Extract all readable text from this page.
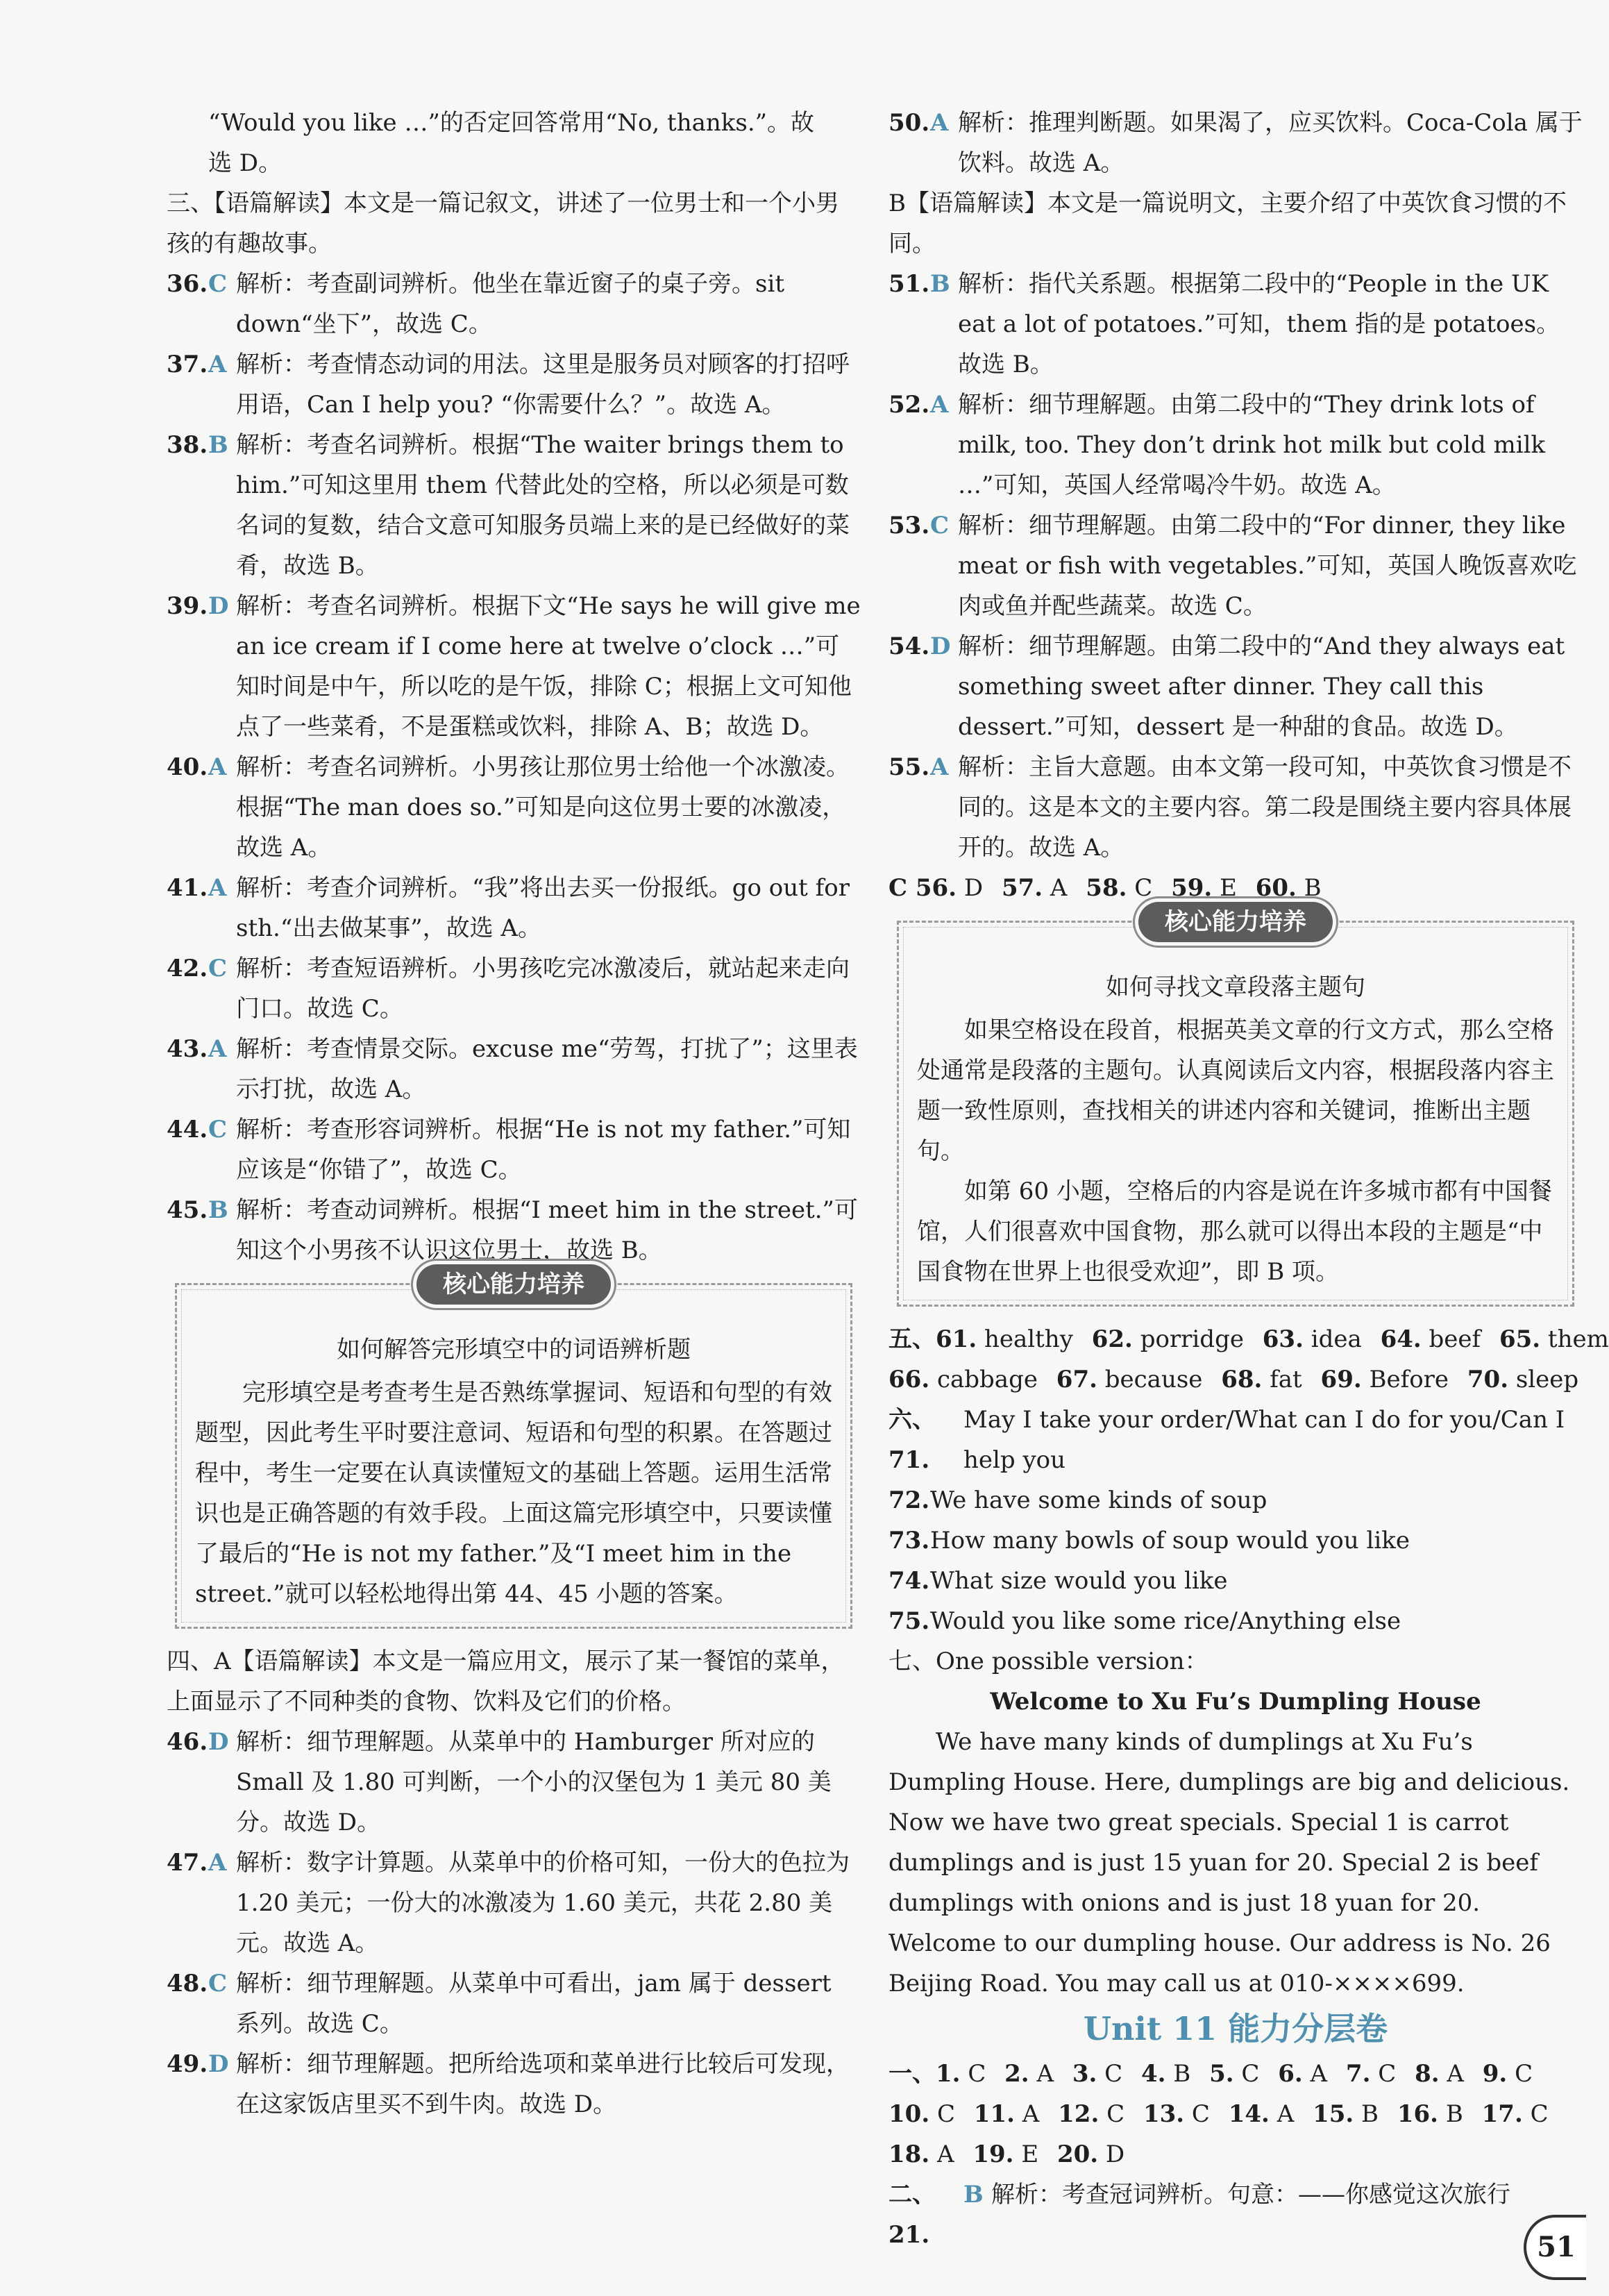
“Would you like …”的否定回答常用“No, thanks.”。故

选 D。

三、【语篇解读】本文是一篇记叙文，讲述了一位男士和一个小男孩的有趣故事。

36. C 解析：考查副词辨析。他坐在靠近窗子的桌子旁。sit down“坐下”，故选 C。
37. A 解析：考查情态动词的用法。这里是服务员对顾客的打招呼用语，Can I help you? “你需要什么？”。故选 A。
38. B 解析：考查名词辨析。根据“The waiter brings them to him.”可知这里用 them 代替此处的空格，所以必须是可数名词的复数，结合文意可知服务员端上来的是已经做好的菜肴，故选 B。
39. D 解析：考查名词辨析。根据下文“He says he will give me an ice cream if I come here at twelve o’clock …”可知时间是中午，所以吃的是午饭，排除 C；根据上文可知他点了一些菜肴，不是蛋糕或饮料，排除 A、B；故选 D。
40. A 解析：考查名词辨析。小男孩让那位男士给他一个冰激凌。根据“The man does so.”可知是向这位男士要的冰激凌，故选 A。
41. A 解析：考查介词辨析。“我”将出去买一份报纸。go out for sth.“出去做某事”，故选 A。
42. C 解析：考查短语辨析。小男孩吃完冰激凌后，就站起来走向门口。故选 C。
43. A 解析：考查情景交际。excuse me“劳驾，打扰了”；这里表示打扰，故选 A。
44. C 解析：考查形容词辨析。根据“He is not my father.”可知应该是“你错了”，故选 C。
45. B 解析：考查动词辨析。根据“I meet him in the street.”可知这个小男孩不认识这位男士，故选 B。
核心能力培养
如何解答完形填空中的词语辨析题

完形填空是考查考生是否熟练掌握词、短语和句型的有效题型，因此考生平时要注意词、短语和句型的积累。在答题过程中，考生一定要在认真读懂短文的基础上答题。运用生活常识也是正确答题的有效手段。上面这篇完形填空中，只要读懂了最后的“He is not my father.”及“I meet him in the street.”就可以轻松地得出第 44、45 小题的答案。

四、A【语篇解读】本文是一篇应用文，展示了某一餐馆的菜单，上面显示了不同种类的食物、饮料及它们的价格。

46. D 解析：细节理解题。从菜单中的 Hamburger 所对应的 Small 及 1.80 可判断，一个小的汉堡包为 1 美元 80 美分。故选 D。
47. A 解析：数字计算题。从菜单中的价格可知，一份大的色拉为 1.20 美元；一份大的冰激凌为 1.60 美元，共花 2.80 美元。故选 A。
48. C 解析：细节理解题。从菜单中可看出，jam 属于 dessert 系列。故选 C。
49. D 解析：细节理解题。把所给选项和菜单进行比较后可发现，在这家饭店里买不到牛肉。故选 D。
50. A 解析：推理判断题。如果渴了，应买饮料。Coca-Cola 属于饮料。故选 A。

B【语篇解读】本文是一篇说明文，主要介绍了中英饮食习惯的不同。

51. B 解析：指代关系题。根据第二段中的“People in the UK eat a lot of potatoes.”可知，them 指的是 potatoes。故选 B。
52. A 解析：细节理解题。由第二段中的“They drink lots of milk, too. They don’t drink hot milk but cold milk …”可知，英国人经常喝冷牛奶。故选 A。
53. C 解析：细节理解题。由第二段中的“For dinner, they like meat or fish with vegetables.”可知，英国人晚饭喜欢吃肉或鱼并配些蔬菜。故选 C。
54. D 解析：细节理解题。由第二段中的“And they always eat something sweet after dinner. They call this dessert.”可知，dessert 是一种甜的食品。故选 D。
55. A 解析：主旨大意题。由本文第一段可知，中英饮食习惯是不同的。这是本文的主要内容。第二段是围绕主要内容具体展开的。故选 A。
C 56. D 57. A 58. C 59. E 60. B
核心能力培养
如何寻找文章段落主题句

如果空格设在段首，根据英美文章的行文方式，那么空格处通常是段落的主题句。认真阅读后文内容，根据段落内容主题一致性原则，查找相关的讲述内容和关键词，推断出主题句。

如第 60 小题，空格后的内容是说在许多城市都有中国餐馆，人们很喜欢中国食物，那么就可以得出本段的主题是“中国食物在世界上也很受欢迎”，即 B 项。

五、61. healthy 62. porridge 63. idea 64. beef 65. them
66. cabbage 67. because 68. fat 69. Before 70. sleep
六、71.
May I take your order/What can I do for you/Can I help you
72. We have some kinds of soup
73. How many bowls of soup would you like
74. What size would you like
75. Would you like some rice/Anything else

七、One possible version：

Welcome to Xu Fu’s Dumpling House

We have many kinds of dumplings at Xu Fu’s Dumpling House. Here, dumplings are big and delicious. Now we have two great specials. Special 1 is carrot dumplings and is just 15 yuan for 20. Special 2 is beef dumplings with onions and is just 18 yuan for 20. Welcome to our dumpling house. Our address is No. 26 Beijing Road. You may call us at 010-××××699.

Unit 11 能力分层卷
一、1. C 2. A 3. C 4. B 5. C 6. A 7. C 8. A 9. C
10. C 11. A 12. C 13. C 14. A 15. B 16. B 17. C
18. A 19. E 20. D
二、21.
B 解析：考查冠词辨析。句意：——你感觉这次旅行
51
